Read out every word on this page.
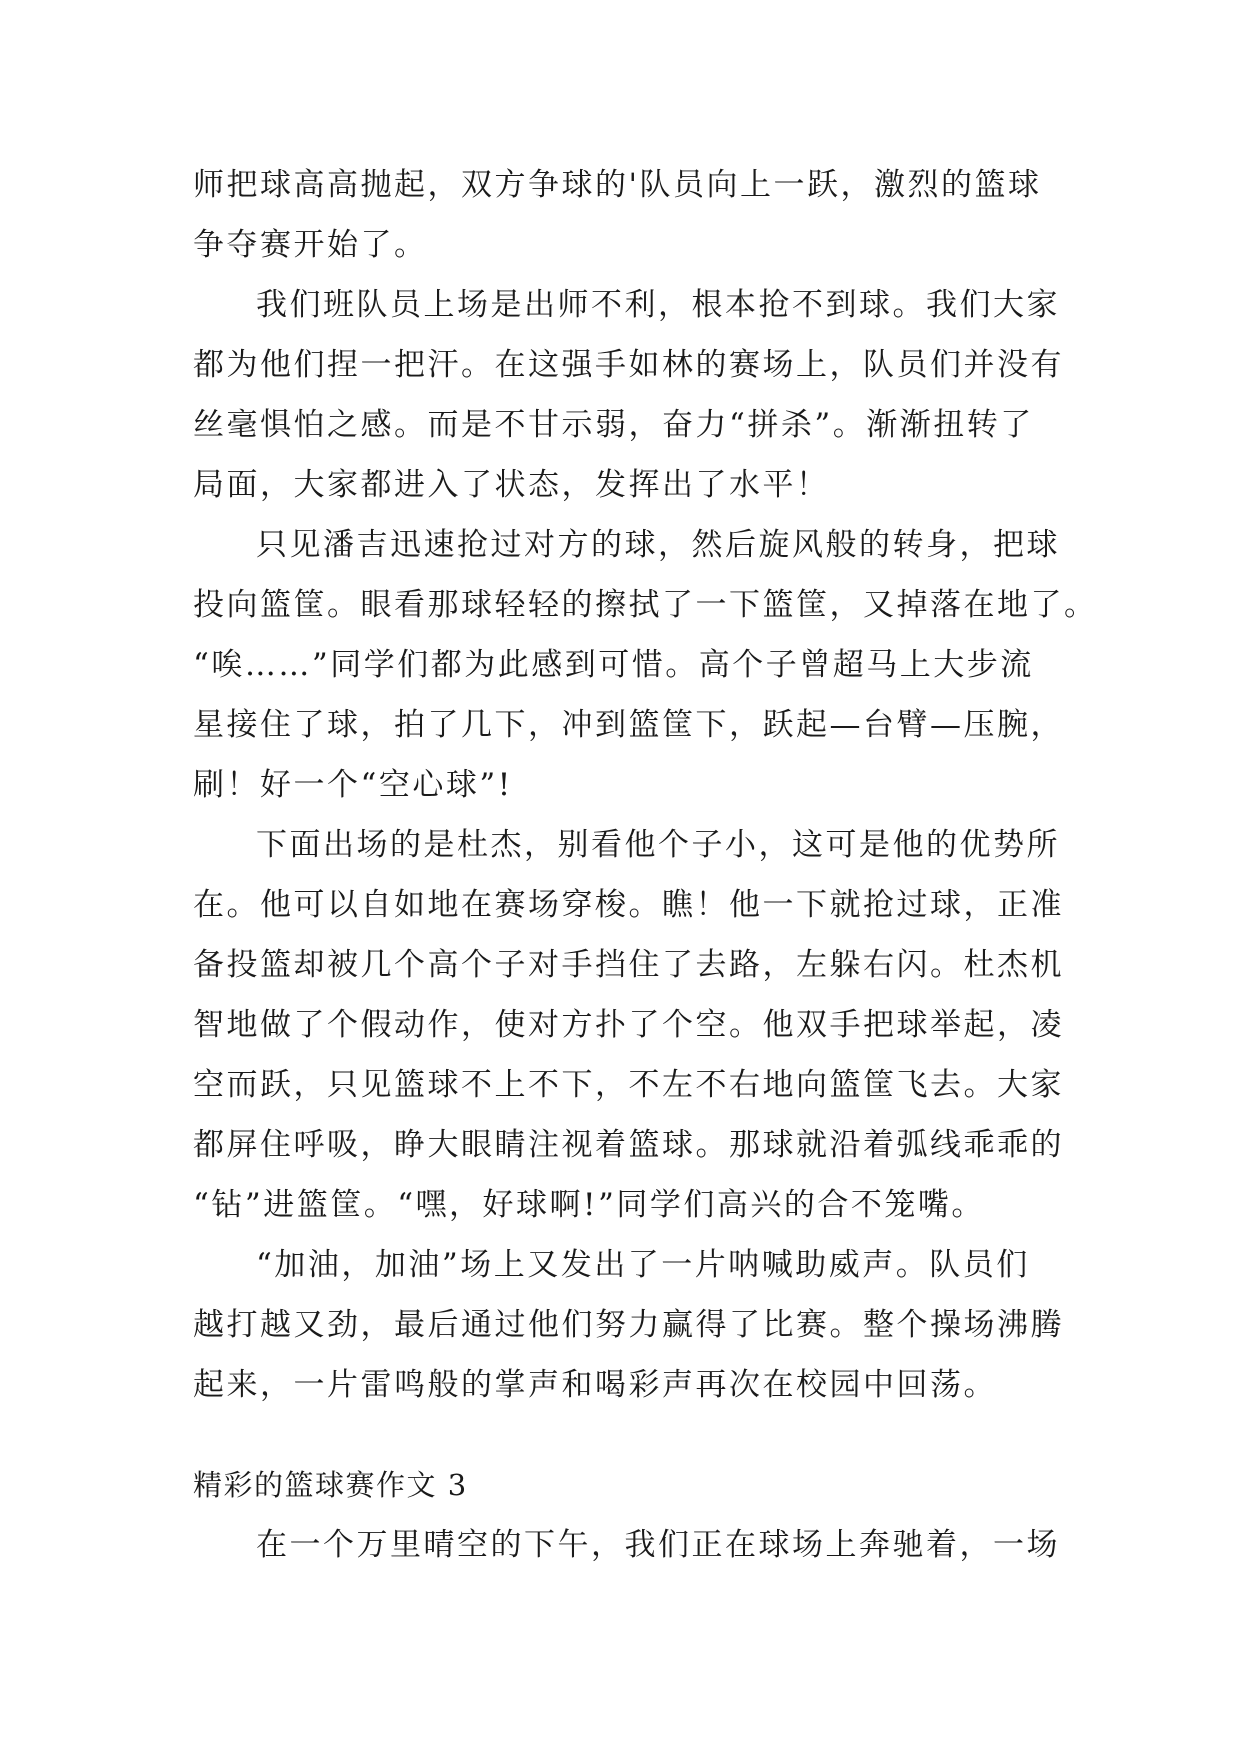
师把球高高抛起，双方争球的'队员向上一跃，激烈的篮球
争夺赛开始了。
我们班队员上场是出师不利，根本抢不到球。我们大家
都为他们捏一把汗。在这强手如林的赛场上，队员们并没有
丝毫惧怕之感。而是不甘示弱，奋力“拼杀”。渐渐扭转了
局面，大家都进入了状态，发挥出了水平！
只见潘吉迅速抢过对方的球，然后旋风般的转身，把球
投向篮筐。眼看那球轻轻的擦拭了一下篮筐，又掉落在地了。
“唉……”同学们都为此感到可惜。高个子曾超马上大步流
星接住了球，拍了几下，冲到篮筐下，跃起—台臂—压腕，
刷！好一个“空心球”!
下面出场的是杜杰，别看他个子小，这可是他的优势所
在。他可以自如地在赛场穿梭。瞧！他一下就抢过球，正准
备投篮却被几个高个子对手挡住了去路，左躲右闪。杜杰机
智地做了个假动作，使对方扑了个空。他双手把球举起，凌
空而跃，只见篮球不上不下，不左不右地向篮筐飞去。大家
都屏住呼吸，睁大眼睛注视着篮球。那球就沿着弧线乖乖的
“钻”进篮筐。“嘿，好球啊!”同学们高兴的合不笼嘴。
“加油，加油”场上又发出了一片呐喊助威声。队员们
越打越又劲，最后通过他们努力赢得了比赛。整个操场沸腾
起来，一片雷鸣般的掌声和喝彩声再次在校园中回荡。
精彩的篮球赛作文 3
在一个万里晴空的下午，我们正在球场上奔驰着，一场
